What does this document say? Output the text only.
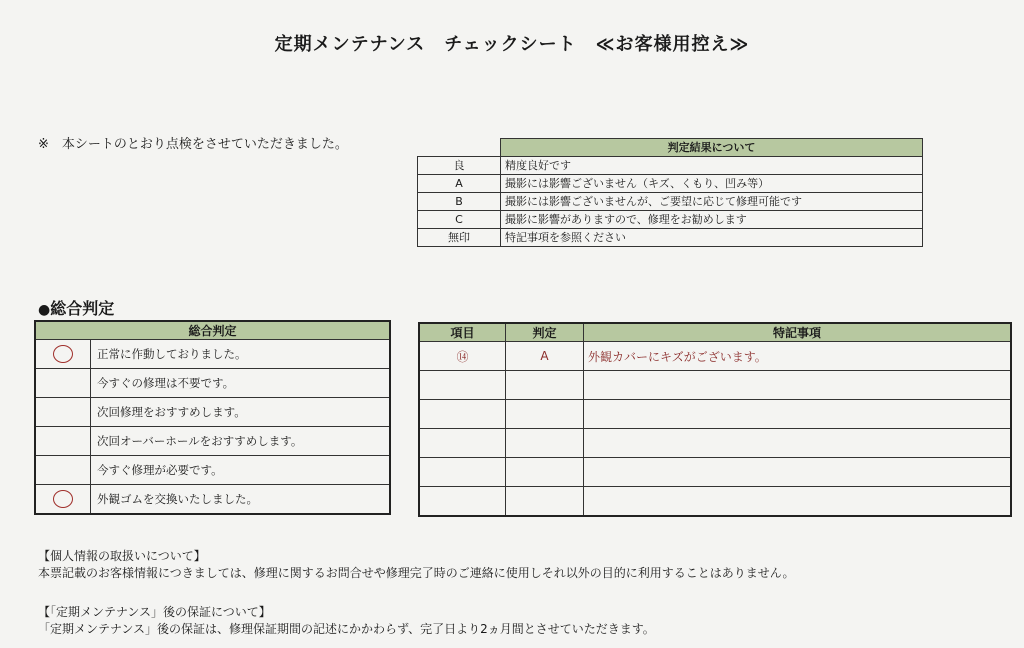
定期メンテナンス　チェックシート　≪お客様用控え≫
※　本シートのとおり点検をさせていただきました。
		判定結果について
良	精度良好です
A	撮影には影響ございません（キズ、くもり、凹み等）
B	撮影には影響ございませんが、ご要望に応じて修理可能です
C	撮影に影響がありますので、修理をお勧めします
無印	特記事項を参照ください
●総合判定
総合判定	
	正常に作動しておりました。
	今すぐの修理は不要です。
	次回修理をおすすめします。
	次回オーバーホールをおすすめします。
	今すぐ修理が必要です。
	外観ゴムを交換いたしました。
項目	判定	特記事項
⑭	A	外観カバーにキズがございます。

【個人情報の取扱いについて】
本票記載のお客様情報につきましては、修理に関するお問合せや修理完了時のご連絡に使用しそれ以外の目的に利用することはありません。
【「定期メンテナンス」後の保証について】
「定期メンテナンス」後の保証は、修理保証期間の記述にかかわらず、完了日より2ヵ月間とさせていただきます。
